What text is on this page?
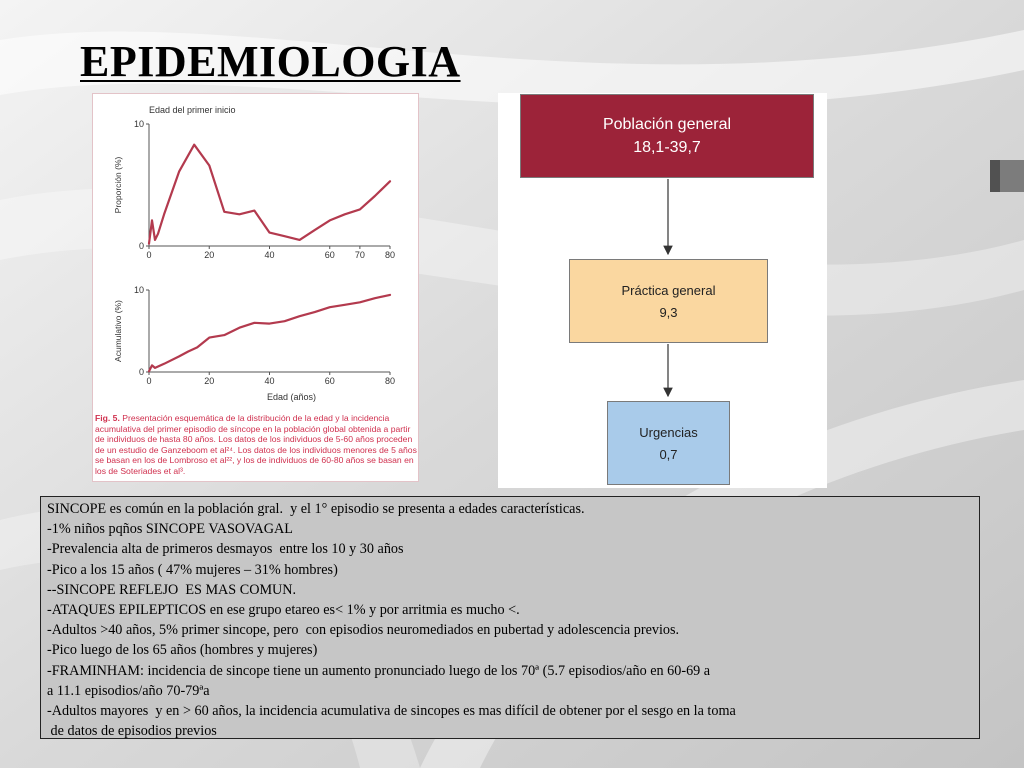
EPIDEMIOLOGIA
Edad del primer inicio
0	20	40	60 70 80
0
10
Proporción (%)
0	20	40	60	80
0
10
Acumulativo (%)
Edad (años)

Fig. 5. Presentación esquemática de la distribución de la edad y la incidencia acumulativa del primer episodio de síncope en la población global obtenida a partir de individuos de hasta 80 años. Los datos de los individuos de 5-60 años proceden de un estudio de Ganzeboom et al²⁴. Los datos de los individuos menores de 5 años se basan en los de Lombroso et al²², y los de individuos de 60-80 años se basan en los de Soteriades et al³.

Población general
18,1-39,7
Práctica general
9,3
Urgencias
0,7
SINCOPE es común en la población gral.  y el 1° episodio se presenta a edades características.
-1% niños pqños SINCOPE VASOVAGAL
-Prevalencia alta de primeros desmayos  entre los 10 y 30 años
-Pico a los 15 años ( 47% mujeres – 31% hombres)
--SINCOPE REFLEJO  ES MAS COMUN.
-ATAQUES EPILEPTICOS en ese grupo etareo es< 1% y por arritmia es mucho <.
-Adultos >40 años, 5% primer sincope, pero  con episodios neuromediados en pubertad y adolescencia previos.
-Pico luego de los 65 años (hombres y mujeres)
-FRAMINHAM: incidencia de sincope tiene un aumento pronunciado luego de los 70ª (5.7 episodios/año en 60-69 a
a 11.1 episodios/año 70-79ªa
-Adultos mayores  y en > 60 años, la incidencia acumulativa de sincopes es mas difícil de obtener por el sesgo en la toma
de datos de episodios previos
